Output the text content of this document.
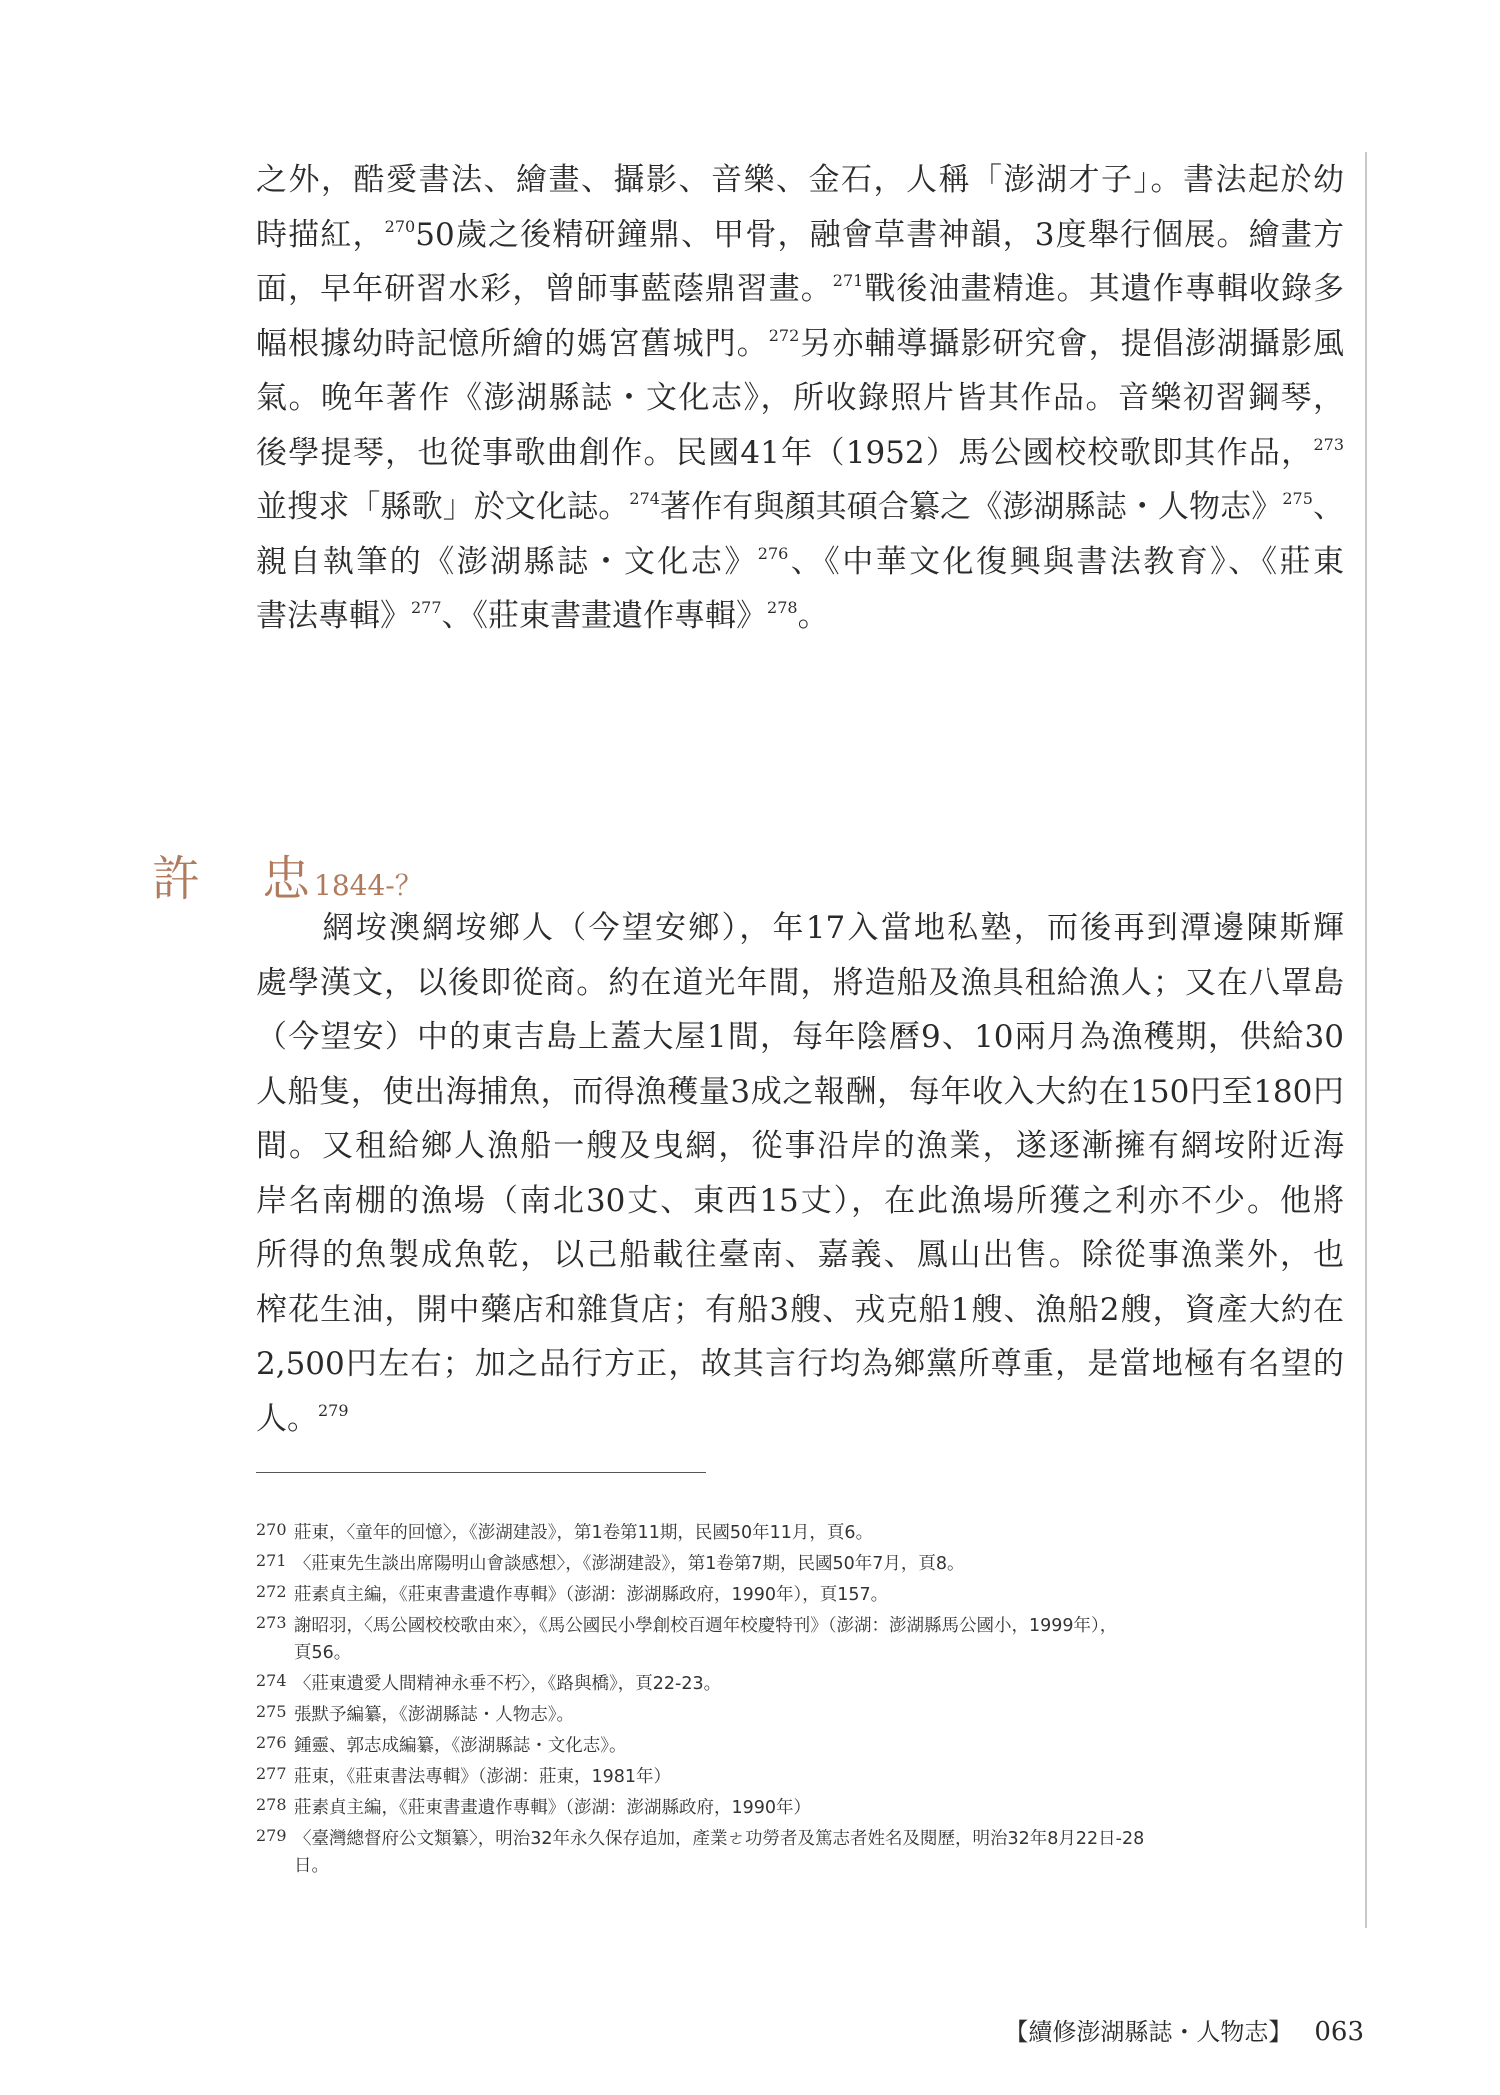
之外，酷愛書法、繪畫、攝影、音樂、金石，人稱「澎湖才子」。書法起於幼
時描紅，$^{270}$50歲之後精研鐘鼎、甲骨，融會草書神韻，3度舉行個展。繪畫方
面，早年研習水彩，曾師事藍蔭鼎習畫。$^{271}$戰後油畫精進。其遺作專輯收錄多
幅根據幼時記憶所繪的媽宮舊城門。$^{272}$另亦輔導攝影研究會，提倡澎湖攝影風
氣。晚年著作《澎湖縣誌・文化志》，所收錄照片皆其作品。音樂初習鋼琴，
後學提琴，也從事歌曲創作。民國41年（1952）馬公國校校歌即其作品，$^{273}$
並搜求「縣歌」於文化誌。$^{274}$著作有與顏其碩合纂之《澎湖縣誌・人物志》$^{275}$、
親自執筆的《澎湖縣誌・文化志》$^{276}$、《中華文化復興與書法教育》、《莊東
書法專輯》$^{277}$、《莊東書畫遺作專輯》$^{278}$。
許 忠 1844-？
　　網垵澳網垵鄉人（今望安鄉），年17入當地私塾，而後再到潭邊陳斯輝
處學漢文，以後即從商。約在道光年間，將造船及漁具租給漁人；又在八罩島
（今望安）中的東吉島上蓋大屋1間，每年陰曆9、10兩月為漁穫期，供給30
人船隻，使出海捕魚，而得漁穫量3成之報酬，每年收入大約在150円至180円
間。又租給鄉人漁船一艘及曳網，從事沿岸的漁業，遂逐漸擁有網垵附近海
岸名南棚的漁場（南北30丈、東西15丈），在此漁場所獲之利亦不少。他將
所得的魚製成魚乾，以己船載往臺南、嘉義、鳳山出售。除從事漁業外，也
榨花生油，開中藥店和雜貨店；有船3艘、戎克船1艘、漁船2艘，資產大約在
2,500円左右；加之品行方正，故其言行均為鄉黨所尊重，是當地極有名望的
人。$^{279}$
270 莊東，〈童年的回憶〉，《澎湖建設》，第1卷第11期，民國50年11月，頁6。
271 〈莊東先生談出席陽明山會談感想〉，《澎湖建設》，第1卷第7期，民國50年7月，頁8。
272 莊素貞主編，《莊東書畫遺作專輯》（澎湖：澎湖縣政府，1990年），頁157。
273 謝昭羽，〈馬公國校校歌由來〉，《馬公國民小學創校百週年校慶特刊》（澎湖：澎湖縣馬公國小，1999年），
頁56。
274 〈莊東遺愛人間精神永垂不朽〉，《路與橋》，頁22-23。
275 張默予編纂，《澎湖縣誌・人物志》。
276 鍾靈、郭志成編纂，《澎湖縣誌・文化志》。
277 莊東，《莊東書法專輯》（澎湖：莊東，1981年）
278 莊素貞主編，《莊東書畫遺作專輯》（澎湖：澎湖縣政府，1990年）
279 〈臺灣總督府公文類纂〉，明治32年永久保存追加，產業ㄜ功勞者及篤志者姓名及閱歷，明治32年8月22日-28
日。
【續修澎湖縣誌・人物志】 063
